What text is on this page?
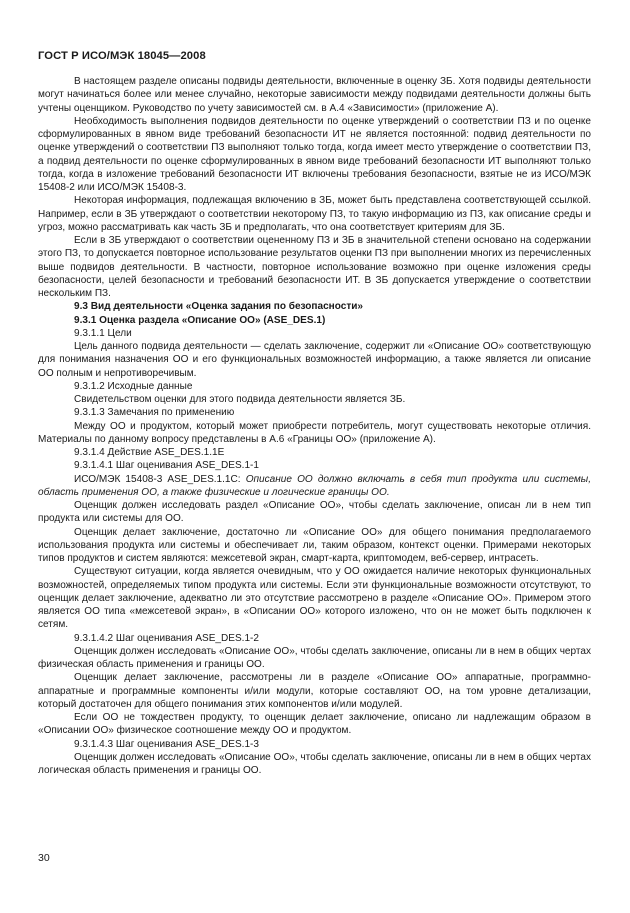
ГОСТ Р ИСО/МЭК 18045—2008

В настоящем разделе описаны подвиды деятельности, включенные в оценку ЗБ. Хотя подвиды деятельности могут начинаться более или менее случайно, некоторые зависимости между подвидами деятельности должны быть учтены оценщиком. Руководство по учету зависимостей см. в А.4 «Зависимости» (приложение А).

Необходимость выполнения подвидов деятельности по оценке утверждений о соответствии ПЗ и по оценке сформулированных в явном виде требований безопасности ИТ не является постоянной: подвид деятельности по оценке утверждений о соответствии ПЗ выполняют только тогда, когда имеет место утверждение о соответствии ПЗ, а подвид деятельности по оценке сформулированных в явном виде требований безопасности ИТ выполняют только тогда, когда в изложение требований безопасности ИТ включены требования безопасности, взятые не из ИСО/МЭК 15408-2 или ИСО/МЭК 15408-3.

Некоторая информация, подлежащая включению в ЗБ, может быть представлена соответствующей ссылкой. Например, если в ЗБ утверждают о соответствии некоторому ПЗ, то такую информацию из ПЗ, как описание среды и угроз, можно рассматривать как часть ЗБ и предполагать, что она соответствует критериям для ЗБ.

Если в ЗБ утверждают о соответствии оцененному ПЗ и ЗБ в значительной степени основано на содержании этого ПЗ, то допускается повторное использование результатов оценки ПЗ при выполнении многих из перечисленных выше подвидов деятельности. В частности, повторное использование возможно при оценке изложения среды безопасности, целей безопасности и требований безопасности ИТ. В ЗБ допускается утверждение о соответствии нескольким ПЗ.

9.3 Вид деятельности «Оценка задания по безопасности»

9.3.1 Оценка раздела «Описание ОО» (ASE_DES.1)

9.3.1.1 Цели

Цель данного подвида деятельности — сделать заключение, содержит ли «Описание ОО» соответствующую для понимания назначения ОО и его функциональных возможностей информацию, а также является ли описание ОО полным и непротиворечивым.

9.3.1.2 Исходные данные

Свидетельством оценки для этого подвида деятельности является ЗБ.

9.3.1.3 Замечания по применению

Между ОО и продуктом, который может приобрести потребитель, могут существовать некоторые отличия. Материалы по данному вопросу представлены в А.6 «Границы ОО» (приложение А).

9.3.1.4 Действие ASE_DES.1.1E

9.3.1.4.1 Шаг оценивания ASE_DES.1-1

ИСО/МЭК 15408-3 ASE_DES.1.1С: Описание ОО должно включать в себя тип продукта или системы, область применения ОО, а также физические и логические границы ОО.

Оценщик должен исследовать раздел «Описание ОО», чтобы сделать заключение, описан ли в нем тип продукта или системы для ОО.

Оценщик делает заключение, достаточно ли «Описание ОО» для общего понимания предполагаемого использования продукта или системы и обеспечивает ли, таким образом, контекст оценки. Примерами некоторых типов продуктов и систем являются: межсетевой экран, смарт-карта, криптомодем, веб-сервер, интрасеть.

Существуют ситуации, когда является очевидным, что у ОО ожидается наличие некоторых функциональных возможностей, определяемых типом продукта или системы. Если эти функциональные возможности отсутствуют, то оценщик делает заключение, адекватно ли это отсутствие рассмотрено в разделе «Описание ОО». Примером этого является ОО типа «межсетевой экран», в «Описании ОО» которого изложено, что он не может быть подключен к сетям.

9.3.1.4.2 Шаг оценивания ASE_DES.1-2

Оценщик должен исследовать «Описание ОО», чтобы сделать заключение, описаны ли в нем в общих чертах физическая область применения и границы ОО.

Оценщик делает заключение, рассмотрены ли в разделе «Описание ОО» аппаратные, программно-аппаратные и программные компоненты и/или модули, которые составляют ОО, на том уровне детализации, который достаточен для общего понимания этих компонентов и/или модулей.

Если ОО не тождествен продукту, то оценщик делает заключение, описано ли надлежащим образом в «Описании ОО» физическое соотношение между ОО и продуктом.

9.3.1.4.3 Шаг оценивания ASE_DES.1-3

Оценщик должен исследовать «Описание ОО», чтобы сделать заключение, описаны ли в нем в общих чертах логическая область применения и границы ОО.

30
